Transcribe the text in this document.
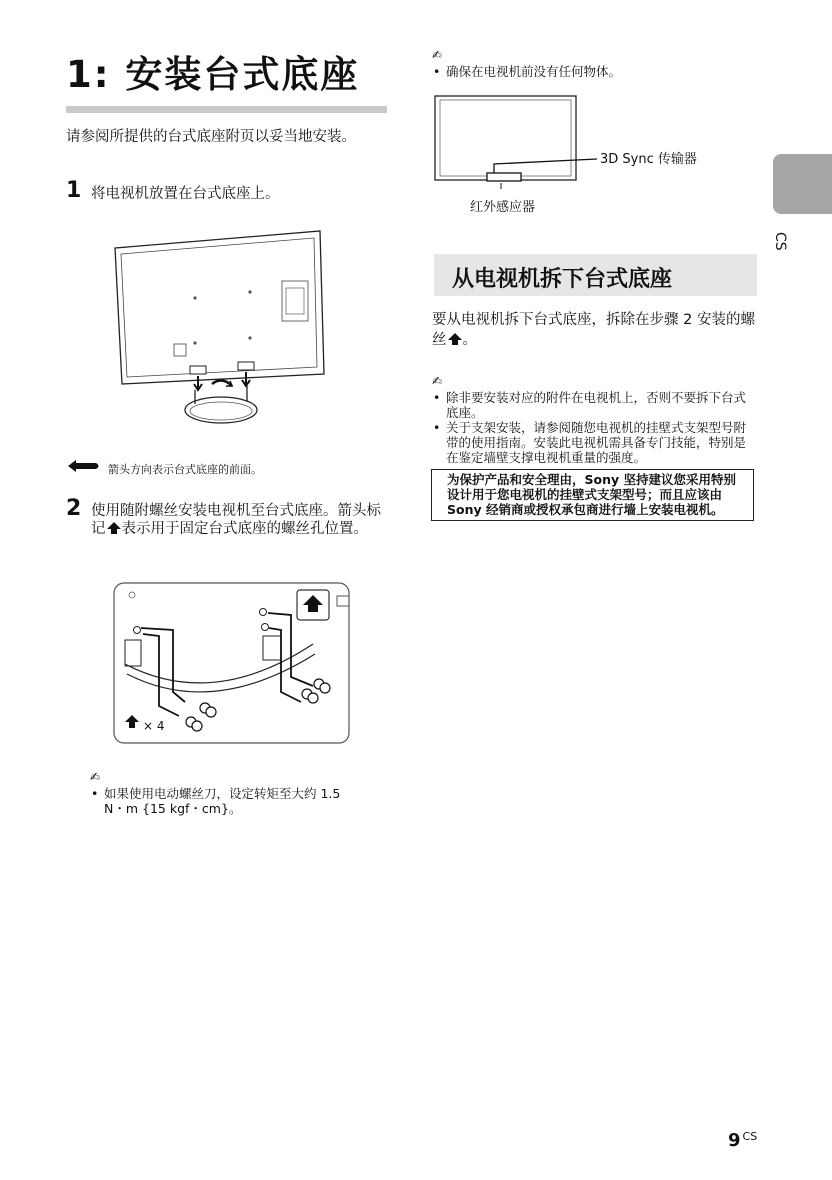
1: 安装台式底座
请参阅所提供的台式底座附页以妥当地安装。
1 将电视机放置在台式底座上。
箭头方向表示台式底座的前面。
2 使用随附螺丝安装电视机至台式底座。箭头标记 表示用于固定台式底座的螺丝孔位置。
× 4
✍
• 如果使用电动螺丝刀，设定转矩至大约 1.5 N・m {15 kgf・cm}。
✍
• 确保在电视机前没有任何物体。
3D Sync 传输器
红外感应器
从电视机拆下台式底座
要从电视机拆下台式底座，拆除在步骤 2 安装的螺丝 。
✍
• 除非要安装对应的附件在电视机上，否则不要拆下台式底座。
• 关于支架安装，请参阅随您电视机的挂壁式支架型号附带的使用指南。安装此电视机需具备专门技能，特别是在鉴定墙壁支撑电视机重量的强度。
为保护产品和安全理由，Sony 坚持建议您采用特别设计用于您电视机的挂壁式支架型号；而且应该由 Sony 经销商或授权承包商进行墙上安装电视机。
CS
9 $^{CS}$
